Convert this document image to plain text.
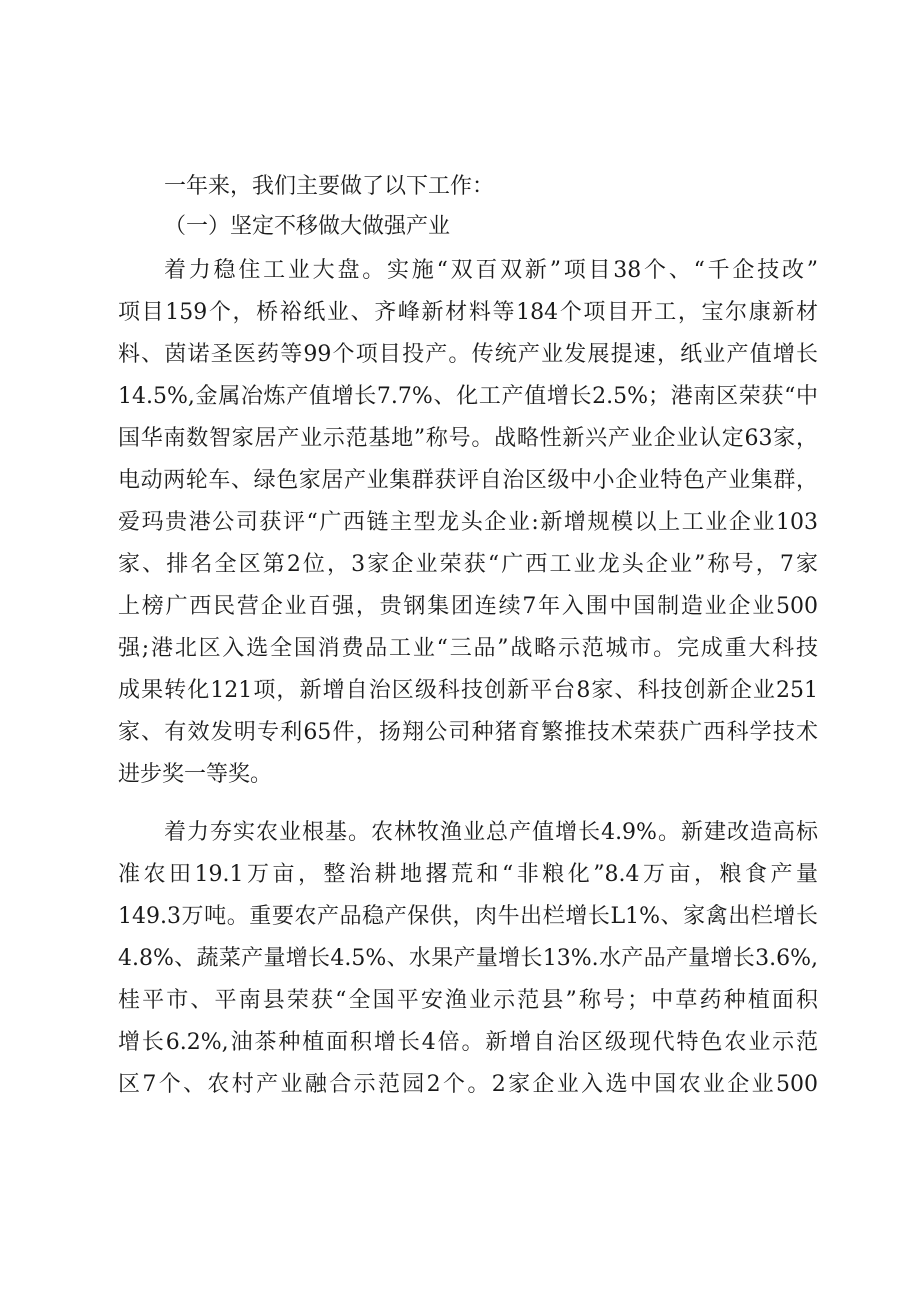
一年来，我们主要做了以下工作：

（一）坚定不移做大做强产业

着力稳住工业大盘。实施“双百双新”项目38个、“千企技改”

项目159个，桥裕纸业、齐峰新材料等184个项目开工，宝尔康新材

料、茵诺圣医药等99个项目投产。传统产业发展提速，纸业产值增长

14.5%,金属冶炼产值增长7.7%、化工产值增长2.5%；港南区荣获“中

国华南数智家居产业示范基地”称号。战略性新兴产业企业认定63家，

电动两轮车、绿色家居产业集群获评自治区级中小企业特色产业集群，

爱玛贵港公司获评“广西链主型龙头企业:新增规模以上工业企业103

家、排名全区第2位，3家企业荣获“广西工业龙头企业”称号，7家

上榜广西民营企业百强，贵钢集团连续7年入围中国制造业企业500

强;港北区入选全国消费品工业“三品”战略示范城市。完成重大科技

成果转化121项，新增自治区级科技创新平台8家、科技创新企业251

家、有效发明专利65件，扬翔公司种猪育繁推技术荣获广西科学技术

进步奖一等奖。

着力夯实农业根基。农林牧渔业总产值增长4.9%。新建改造高标

准农田19.1万亩，整治耕地撂荒和“非粮化”8.4万亩，粮食产量

149.3万吨。重要农产品稳产保供，肉牛出栏增长L1%、家禽出栏增长

4.8%、蔬菜产量增长4.5%、水果产量增长13%.水产品产量增长3.6%,

桂平市、平南县荣获“全国平安渔业示范县”称号；中草药种植面积

增长6.2%,油茶种植面积增长4倍。新增自治区级现代特色农业示范

区7个、农村产业融合示范园2个。2家企业入选中国农业企业500
